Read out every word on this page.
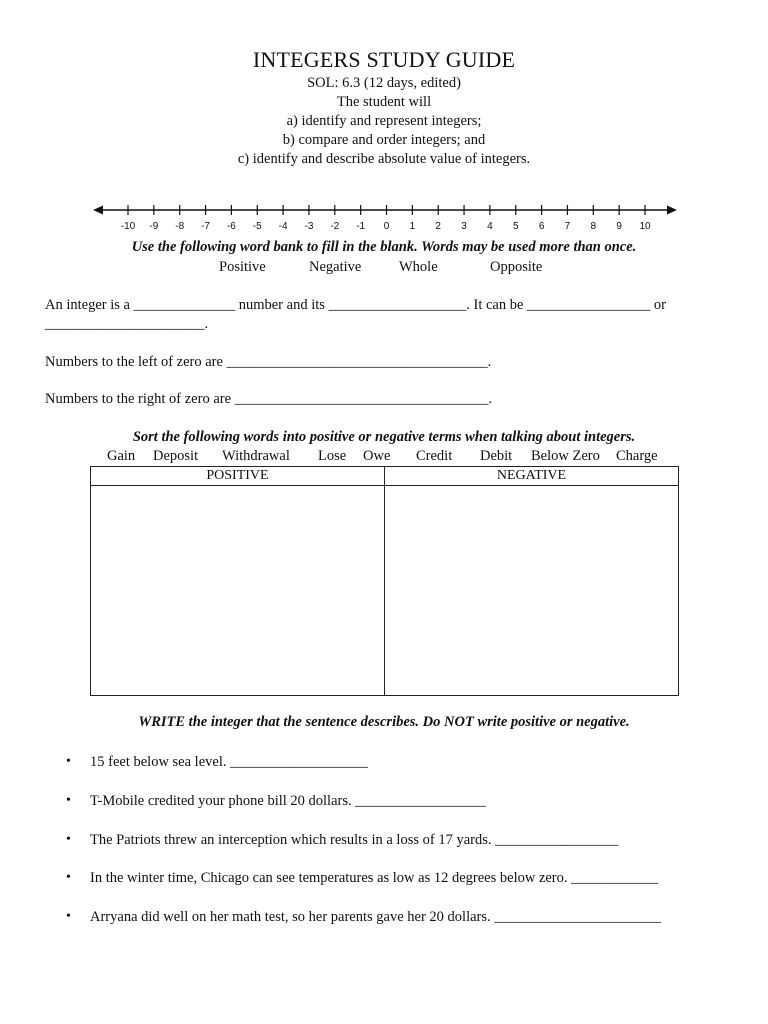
INTEGERS STUDY GUIDE
SOL: 6.3 (12 days, edited)
The student will
a) identify and represent integers;
b) compare and order integers; and
c) identify and describe absolute value of integers.
-10 -9 -8 -7 -6 -5 -4 -3 -2 -1 0 1 2 3 4 5 6 7 8 9 10
Use the following word bank to fill in the blank. Words may be used more than once.
Positive	Negative	Whole	Opposite
An integer is a ______________ number and its ___________________. It can be _________________ or
______________________.
Numbers to the left of zero are ____________________________________.
Numbers to the right of zero are ___________________________________.
Sort the following words into positive or negative terms when talking about integers.
Gain Deposit Withdrawal Lose Owe Credit Debit Below Zero Charge
POSITIVE	NEGATIVE

WRITE the integer that the sentence describes. Do NOT write positive or negative.
• 15 feet below sea level. ___________________
• T-Mobile credited your phone bill 20 dollars. __________________
• The Patriots threw an interception which results in a loss of 17 yards. _________________
• In the winter time, Chicago can see temperatures as low as 12 degrees below zero. ____________
• Arryana did well on her math test, so her parents gave her 20 dollars. _______________________
